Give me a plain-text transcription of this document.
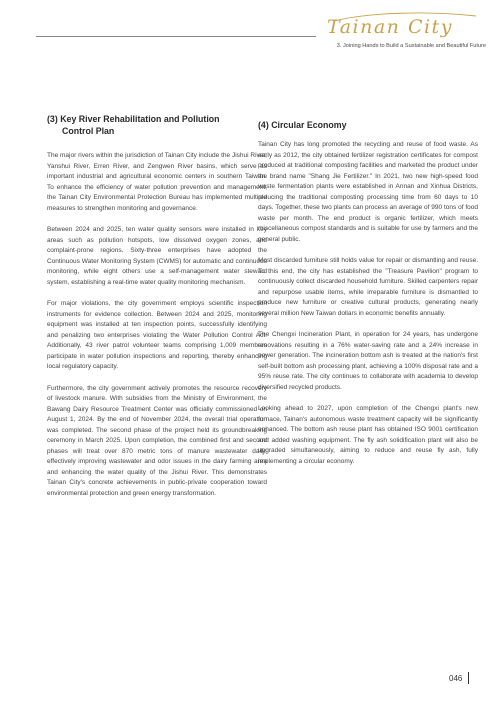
Tainan City
3. Joining Hands to Build a Sustainable and Beautiful Future
(3) Key River Rehabilitation and Pollution
Control Plan

The major rivers within the jurisdiction of Tainan City include the Jishui River, Yanshui River, Erren River, and Zengwen River basins, which serve as important industrial and agricultural economic centers in southern Taiwan. To enhance the efficiency of water pollution prevention and management, the Tainan City Environmental Protection Bureau has implemented multiple measures to strengthen monitoring and governance.

Between 2024 and 2025, ten water quality sensors were installed in key areas such as pollution hotspots, low dissolved oxygen zones, and complaint-prone regions. Sixty-three enterprises have adopted the Continuous Water Monitoring System (CWMS) for automatic and continuous monitoring, while eight others use a self-management water steward system, establishing a real-time water quality monitoring mechanism.

For major violations, the city government employs scientific inspection instruments for evidence collection. Between 2024 and 2025, monitoring equipment was installed at ten inspection points, successfully identifying and penalizing two enterprises violating the Water Pollution Control Act. Additionally, 43 river patrol volunteer teams comprising 1,009 members participate in water pollution inspections and reporting, thereby enhancing local regulatory capacity.

Furthermore, the city government actively promotes the resource recovery of livestock manure. With subsidies from the Ministry of Environment, the Bawang Dairy Resource Treatment Center was officially commissioned on August 1, 2024. By the end of November 2024, the overall trial operation was completed. The second phase of the project held its groundbreaking ceremony in March 2025. Upon completion, the combined first and second phases will treat over 870 metric tons of manure wastewater daily, effectively improving wastewater and odor issues in the dairy farming area and enhancing the water quality of the Jishui River. This demonstrates Tainan City's concrete achievements in public-private cooperation toward environmental protection and green energy transformation.

(4) Circular Economy

Tainan City has long promoted the recycling and reuse of food waste. As early as 2012, the city obtained fertilizer registration certificates for compost produced at traditional composting facilities and marketed the product under the brand name "Shang Jie Fertilizer." In 2021, two new high-speed food waste fermentation plants were established in Annan and Xinhua Districts, reducing the traditional composting processing time from 60 days to 10 days. Together, these two plants can process an average of 990 tons of food waste per month. The end product is organic fertilizer, which meets miscellaneous compost standards and is suitable for use by farmers and the general public.

Most discarded furniture still holds value for repair or dismantling and reuse. To this end, the city has established the "Treasure Pavilion" program to continuously collect discarded household furniture. Skilled carpenters repair and repurpose usable items, while irreparable furniture is dismantled to produce new furniture or creative cultural products, generating nearly several million New Taiwan dollars in economic benefits annually.

The Chengxi Incineration Plant, in operation for 24 years, has undergone renovations resulting in a 76% water-saving rate and a 24% increase in power generation. The incineration bottom ash is treated at the nation's first self-built bottom ash processing plant, achieving a 100% disposal rate and a 95% reuse rate. The city continues to collaborate with academia to develop diversified recycled products.

Looking ahead to 2027, upon completion of the Chengxi plant's new furnace, Tainan's autonomous waste treatment capacity will be significantly enhanced. The bottom ash reuse plant has obtained ISO 9001 certification and added washing equipment. The fly ash solidification plant will also be upgraded simultaneously, aiming to reduce and reuse fly ash, fully implementing a circular economy.

046
